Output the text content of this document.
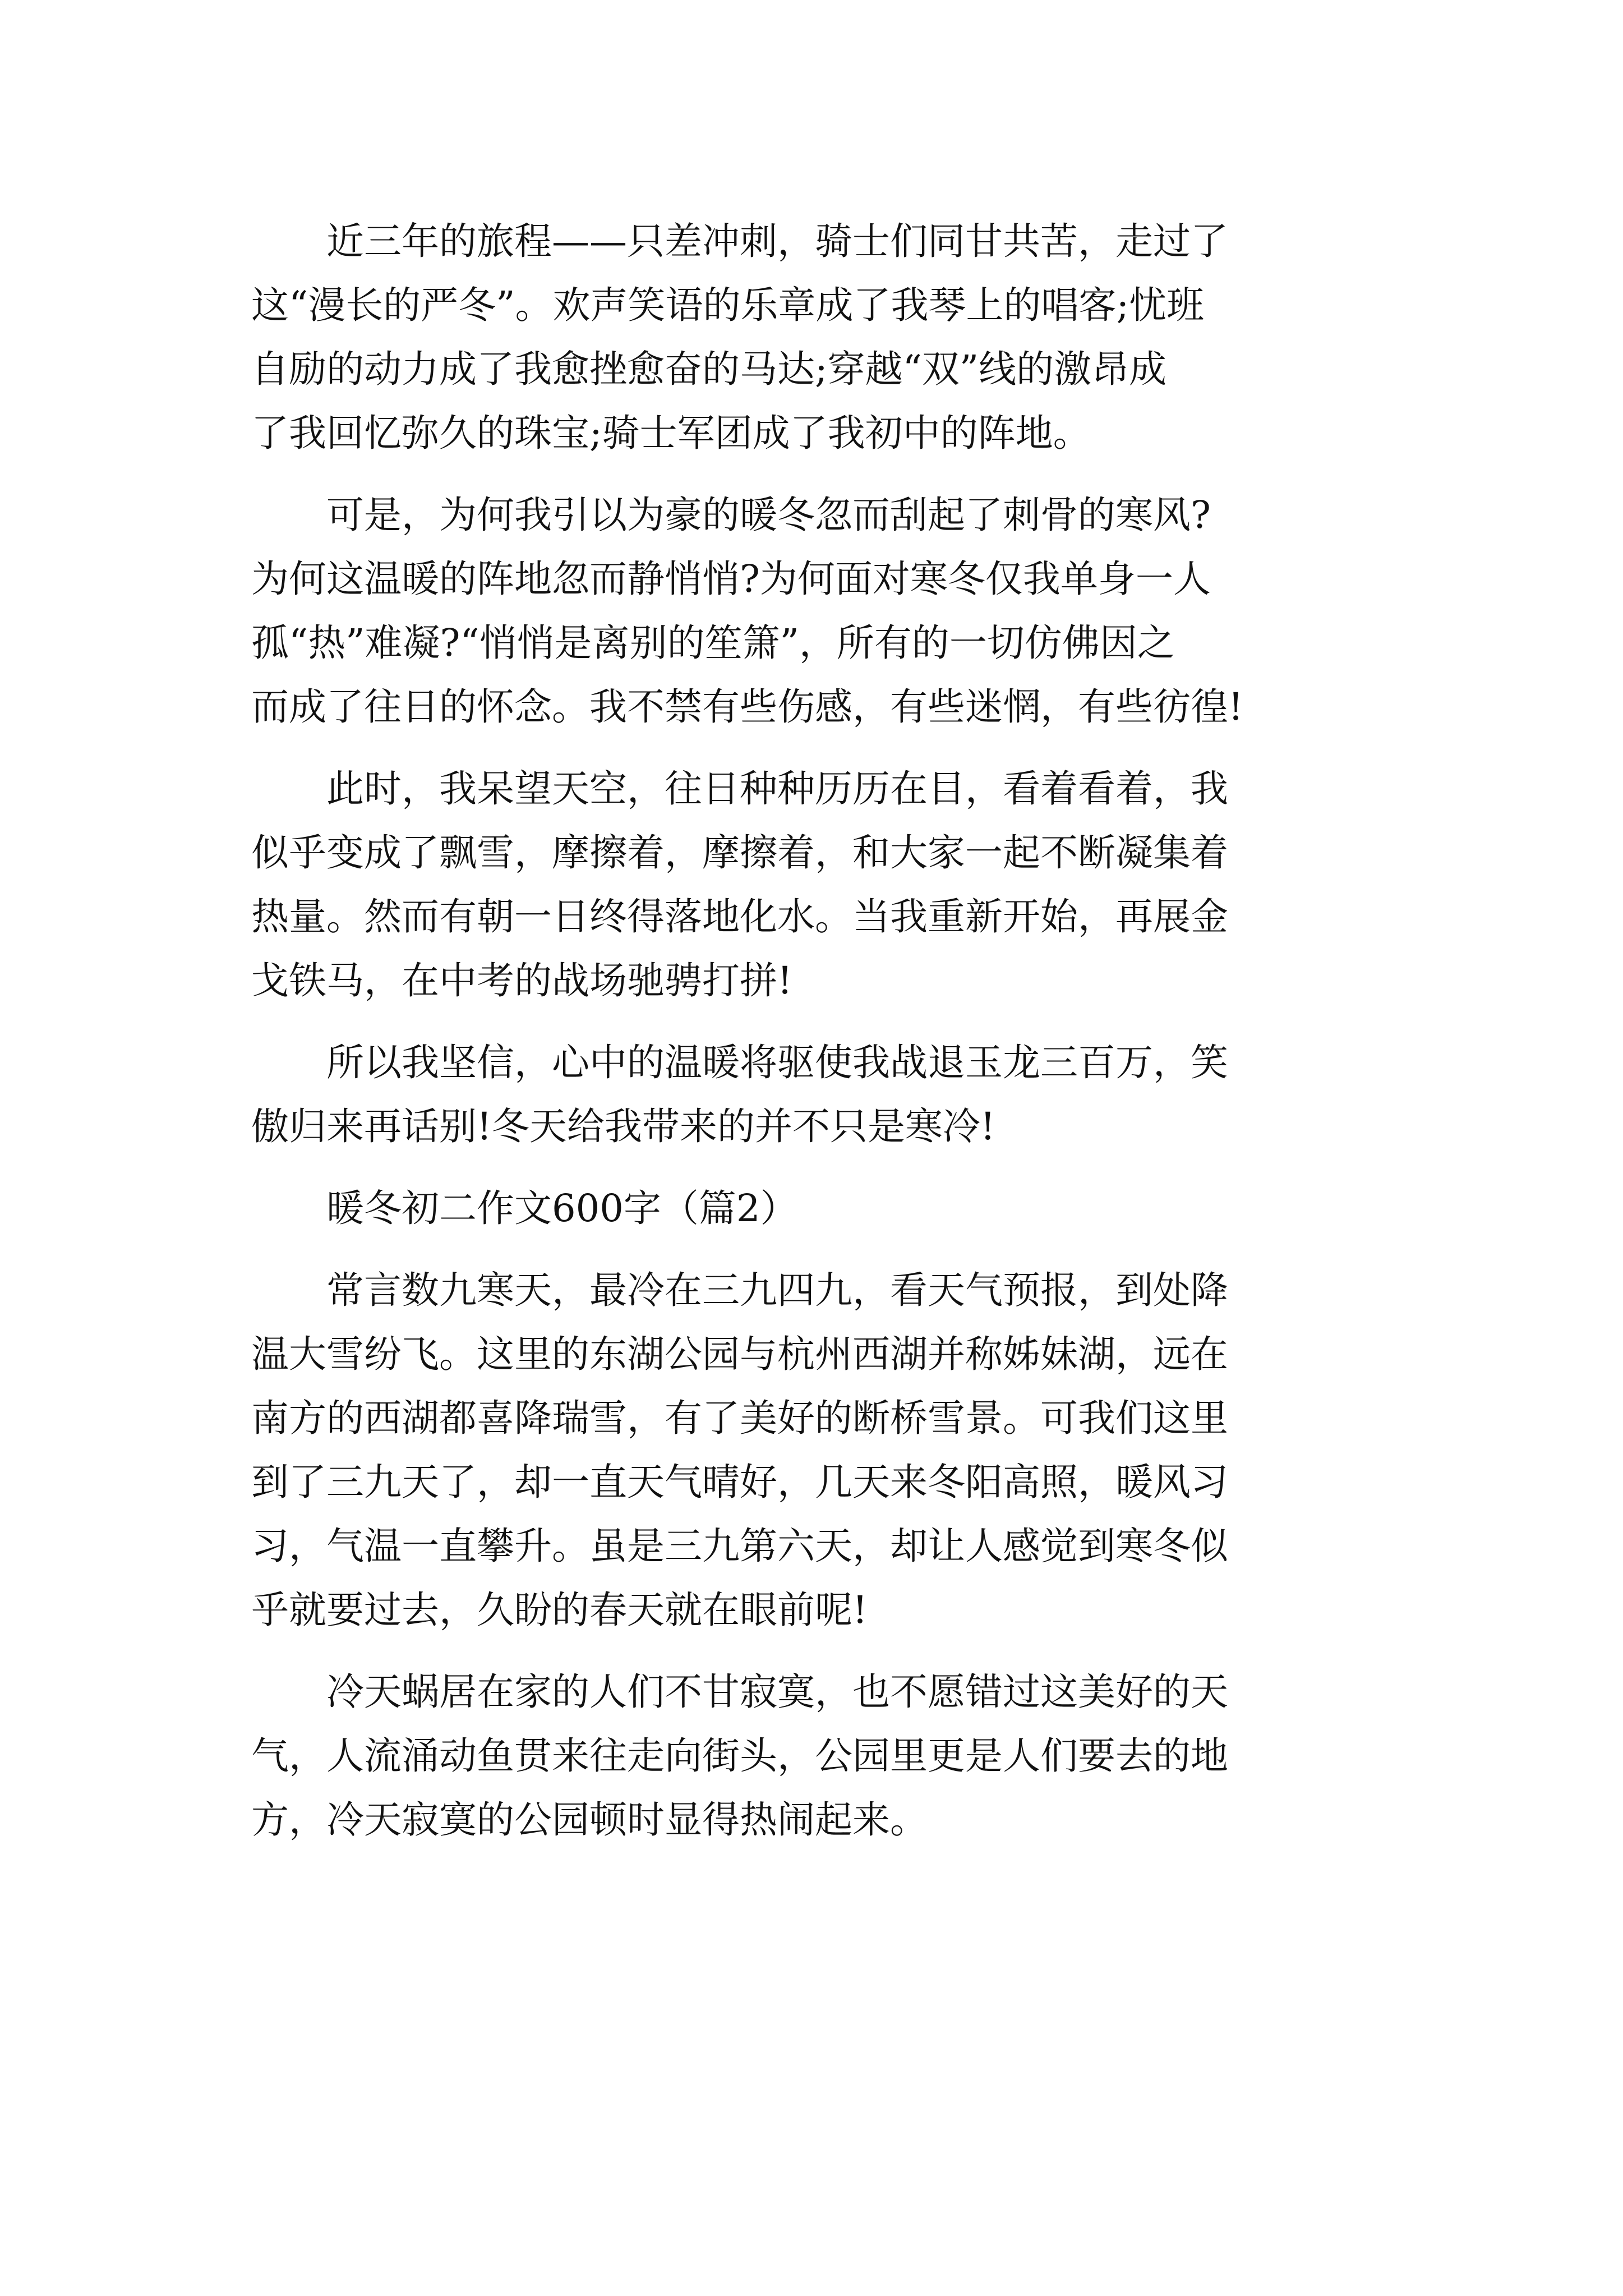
　　近三年的旅程——只差冲刺，骑士们同甘共苦，走过了
这“漫长的严冬”。欢声笑语的乐章成了我琴上的唱客;忧班
自励的动力成了我愈挫愈奋的马达;穿越“双”线的激昂成
了我回忆弥久的珠宝;骑士军团成了我初中的阵地。
　　可是，为何我引以为豪的暖冬忽而刮起了刺骨的寒风?
为何这温暖的阵地忽而静悄悄?为何面对寒冬仅我单身一人
孤“热”难凝?“悄悄是离别的笙箫”，所有的一切仿佛因之
而成了往日的怀念。我不禁有些伤感，有些迷惘，有些彷徨!
　　此时，我呆望天空，往日种种历历在目，看着看着，我
似乎变成了飘雪，摩擦着，摩擦着，和大家一起不断凝集着
热量。然而有朝一日终得落地化水。当我重新开始，再展金
戈铁马，在中考的战场驰骋打拼!
　　所以我坚信，心中的温暖将驱使我战退玉龙三百万，笑
傲归来再话别!冬天给我带来的并不只是寒冷!
　　暖冬初二作文600字（篇2）
　　常言数九寒天，最冷在三九四九，看天气预报，到处降
温大雪纷飞。这里的东湖公园与杭州西湖并称姊妹湖，远在
南方的西湖都喜降瑞雪，有了美好的断桥雪景。可我们这里
到了三九天了，却一直天气晴好，几天来冬阳高照，暖风习
习，气温一直攀升。虽是三九第六天，却让人感觉到寒冬似
乎就要过去，久盼的春天就在眼前呢!
　　冷天蜗居在家的人们不甘寂寞，也不愿错过这美好的天
气，人流涌动鱼贯来往走向街头，公园里更是人们要去的地
方，冷天寂寞的公园顿时显得热闹起来。
